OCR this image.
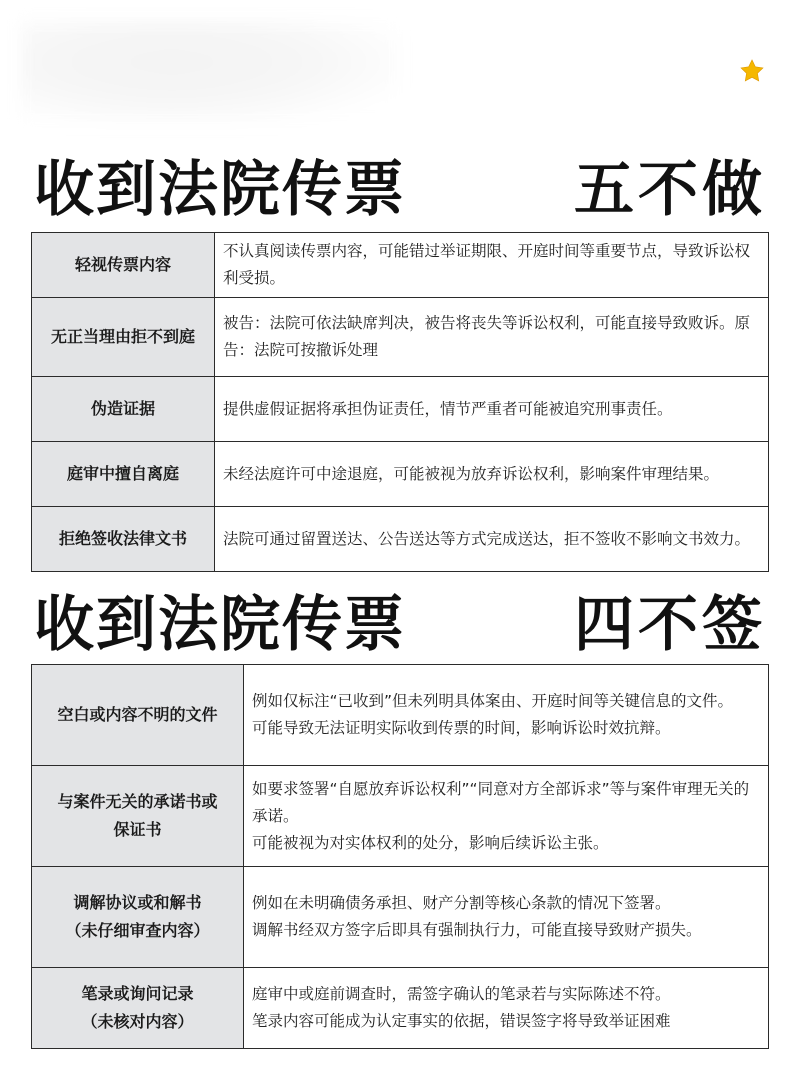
收到法院传票	五不做
轻视传票内容	不认真阅读传票内容，可能错过举证期限、开庭时间等重要节点，导致诉讼权利受损。
无正当理由拒不到庭	被告：法院可依法缺席判决，被告将丧失等诉讼权利，可能直接导致败诉。原告：法院可按撤诉处理
伪造证据	提供虚假证据将承担伪证责任，情节严重者可能被追究刑事责任。
庭审中擅自离庭	未经法庭许可中途退庭，可能被视为放弃诉讼权利，影响案件审理结果。
拒绝签收法律文书	法院可通过留置送达、公告送达等方式完成送达，拒不签收不影响文书效力。
收到法院传票	四不签
空白或内容不明的文件	例如仅标注“已收到”但未列明具体案由、开庭时间等关键信息的文件。
可能导致无法证明实际收到传票的时间，影响诉讼时效抗辩。

与案件无关的承诺书或
保证书	如要求签署“自愿放弃诉讼权利”“同意对方全部诉求”等与案件审理无关的承诺。
可能被视为对实体权利的处分，影响后续诉讼主张。

调解协议或和解书
（未仔细审查内容）	例如在未明确债务承担、财产分割等核心条款的情况下签署。
调解书经双方签字后即具有强制执行力，可能直接导致财产损失。

笔录或询问记录
（未核对内容）	庭审中或庭前调查时，需签字确认的笔录若与实际陈述不符。
笔录内容可能成为认定事实的依据，错误签字将导致举证困难
